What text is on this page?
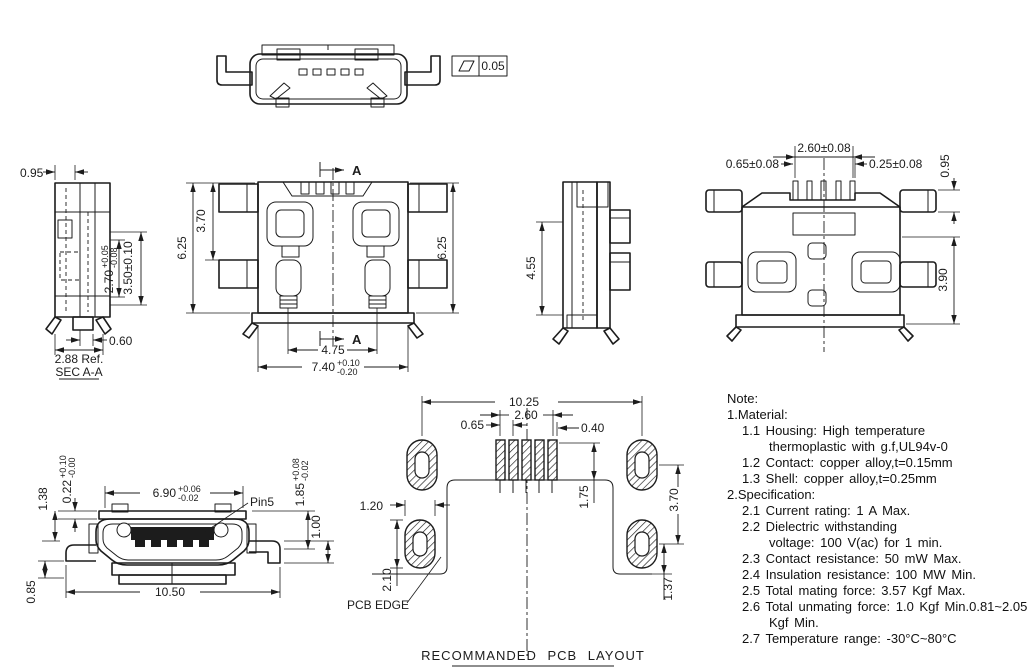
0.05
0.95
2.70
+0.05 -0.08 3.50±0.10
0.60
2.88 Ref.
SEC A-A
A
A
3.70
6.25	6.25
4.75
7.40 +0.10
-0.20
4.55
2.60±0.08
0.65±0.08	0.25±0.08 0.95
3.90
6.90 +0.06
-0.02	Pin5
0.22
+0.10 -0.00
1.38	1.85
+0.08 -0.02
1.00
0.85	10.50
10.25
2.60
0.65	0.40
1.75	3.70
1.37
1.20
2.10
PCB EDGE
RECOMMANDED PCB LAYOUT
Note:
1.Material:
1.1 Housing: High temperature
thermoplastic with g.f,UL94v-0
1.2 Contact: copper alloy,t=0.15mm
1.3 Shell: copper alloy,t=0.25mm
2.Specification:
2.1 Current rating: 1 A Max.
2.2 Dielectric withstanding
voltage: 100 V(ac) for 1 min.
2.3 Contact resistance: 50 mW Max.
2.4 Insulation resistance: 100 MW Min.
2.5 Total mating force: 3.57 Kgf Max.
2.6 Total unmating force: 1.0 Kgf Min.0.81~2.05
Kgf Min.
2.7 Temperature range: -30°C~80°C
